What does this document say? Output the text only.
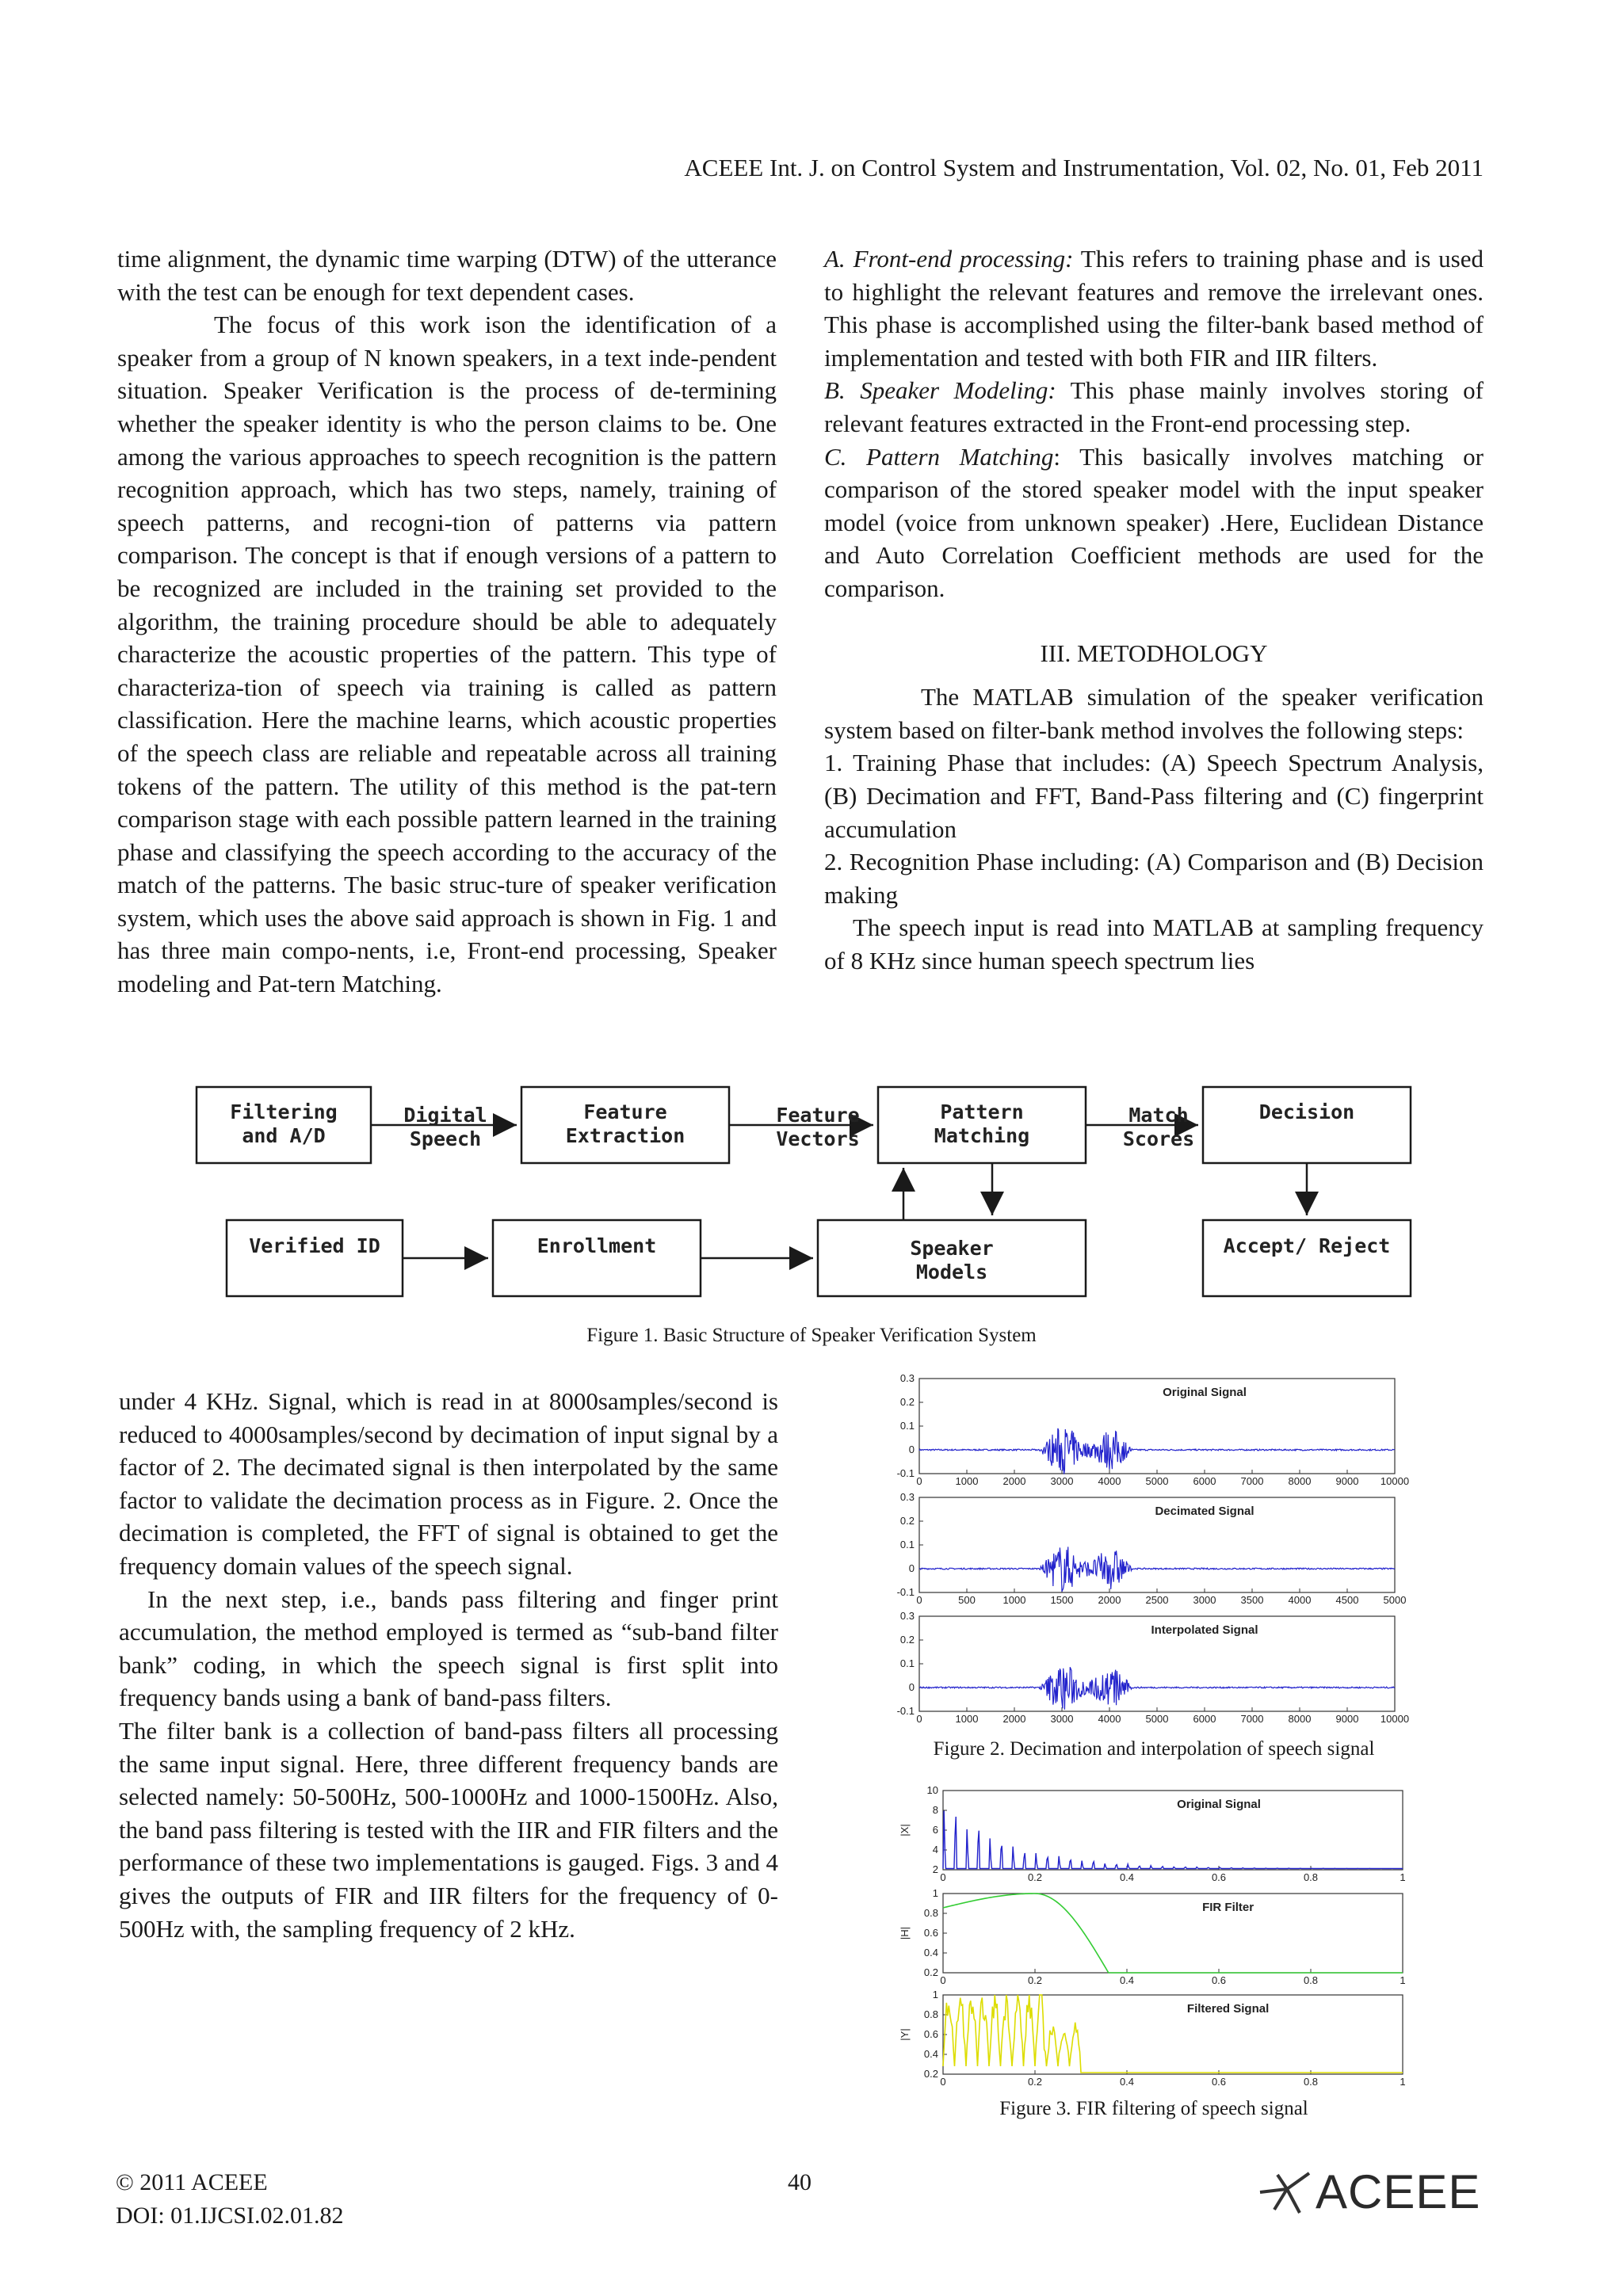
ACEEE Int. J. on Control System and Instrumentation, Vol. 02, No. 01, Feb 2011

time alignment, the dynamic time warping (DTW) of the utterance with the test can be enough for text dependent cases.

The focus of this work ison the identification of a speaker from a group of N known speakers, in a text inde-pendent situation. Speaker Verification is the process of de-termining whether the speaker identity is who the person claims to be. One among the various approaches to speech recognition is the pattern recognition approach, which has two steps, namely, training of speech patterns, and recogni-tion of patterns via pattern comparison. The concept is that if enough versions of a pattern to be recognized are included in the training set provided to the algorithm, the training procedure should be able to adequately characterize the acoustic properties of the pattern. This type of characteriza-tion of speech via training is called as pattern classification. Here the machine learns, which acoustic properties of the speech class are reliable and repeatable across all training tokens of the pattern. The utility of this method is the pat-tern comparison stage with each possible pattern learned in the training phase and classifying the speech according to the accuracy of the match of the patterns. The basic struc-ture of speaker verification system, which uses the above said approach is shown in Fig. 1 and has three main compo-nents, i.e, Front-end processing, Speaker modeling and Pat-tern Matching.

A. Front-end processing: This refers to training phase and is used to highlight the relevant features and remove the irrelevant ones. This phase is accomplished using the filter-bank based method of implementation and tested with both FIR and IIR filters.

B. Speaker Modeling: This phase mainly involves storing of relevant features extracted in the Front-end processing step.

C. Pattern Matching: This basically involves matching or comparison of the stored speaker model with the input speaker model (voice from unknown speaker) .Here, Euclidean Distance and Auto Correlation Coefficient methods are used for the comparison.

III. METODHOLOGY

The MATLAB simulation of the speaker verification system based on filter-bank method involves the following steps:

1. Training Phase that includes: (A) Speech Spectrum Analysis, (B) Decimation and FFT, Band-Pass filtering and (C) fingerprint accumulation

2. Recognition Phase including: (A) Comparison and (B) Decision making

The speech input is read into MATLAB at sampling frequency of 8 KHz since human speech spectrum lies

Filtering
and A/D
Feature
Extraction
Pattern
Matching
Decision
Digital
Speech
Feature
Vectors
Match
Scores
Verified ID	Enrollment	Speaker
Models
Accept/ Reject
Figure 1. Basic Structure of Speaker Verification System

under 4 KHz. Signal, which is read in at 8000samples/second is reduced to 4000samples/second by decimation of input signal by a factor of 2. The decimated signal is then interpolated by the same factor to validate the decimation process as in Figure. 2. Once the decimation is completed, the FFT of signal is obtained to get the frequency domain values of the speech signal.

In the next step, i.e., bands pass filtering and finger print accumulation, the method employed is termed as “sub-band filter bank” coding, in which the speech signal is first split into frequency bands using a bank of band-pass filters.

The filter bank is a collection of band-pass filters all processing the same input signal. Here, three different frequency bands are selected namely: 50-500Hz, 500-1000Hz and 1000-1500Hz. Also, the band pass filtering is tested with the IIR and FIR filters and the performance of these two implementations is gauged. Figs. 3 and 4 gives the outputs of FIR and IIR filters for the frequency of 0-500Hz with, the sampling frequency of 2 kHz.

0.3
0.2
0.1
0
-0.1
0	1000 2000 3000 4000 5000 6000 7000 8000 9000 10000
Original Signal
0.3
0.2
0.1
0
-0.1
0	500	1000 1500 2000 2500 3000 3500 4000 4500 5000
Decimated Signal
0.3
0.2
0.1
0
-0.1
0	1000 2000 3000 4000 5000 6000 7000 8000 9000 10000
Interpolated Signal
Figure 2. Decimation and interpolation of speech signal
10
8
6
4
2
0	0.2	0.4	0.6	0.8	1
Original Signal
|X|
1
0.8
0.6
0.4
0.2
0	0.2	0.4	0.6	0.8	1
FIR Filter
|H|
1
0.8
0.6
0.4
0.2
0	0.2	0.4	0.6	0.8	1
Filtered Signal
|Y|
Figure 3. FIR filtering of speech signal
© 2011 ACEEE
DOI: 01.IJCSI.02.01.82
40	ACEEE
